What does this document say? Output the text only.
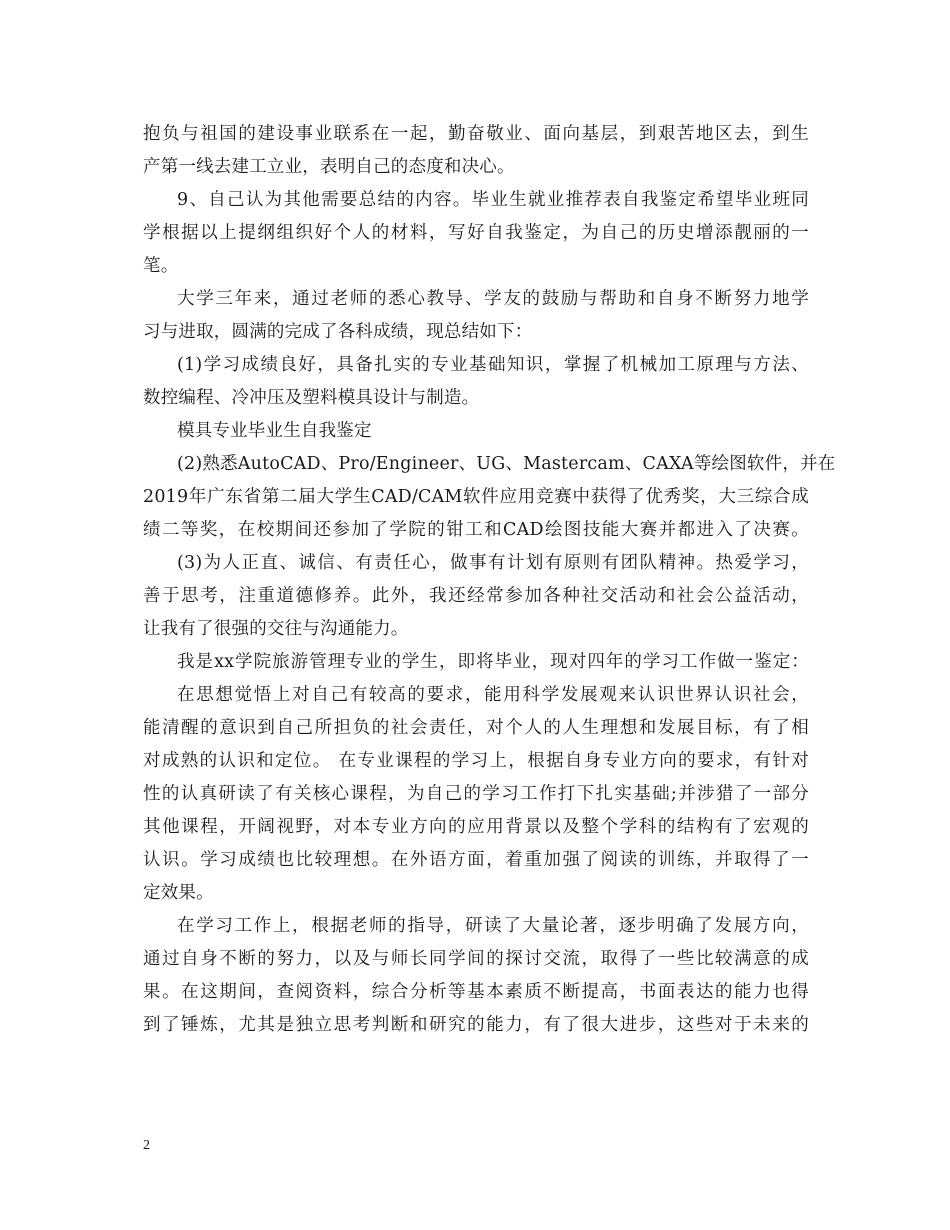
抱负与祖国的建设事业联系在一起，勤奋敬业、面向基层，到艰苦地区去，到生
产第一线去建工立业，表明自己的态度和决心。
9、自己认为其他需要总结的内容。毕业生就业推荐表自我鉴定希望毕业班同
学根据以上提纲组织好个人的材料，写好自我鉴定，为自己的历史增添靓丽的一
笔。
大学三年来，通过老师的悉心教导、学友的鼓励与帮助和自身不断努力地学
习与进取，圆满的完成了各科成绩，现总结如下：
(1)学习成绩良好，具备扎实的专业基础知识，掌握了机械加工原理与方法、
数控编程、冷冲压及塑料模具设计与制造。
模具专业毕业生自我鉴定
(2)熟悉AutoCAD、Pro/Engineer、UG、Mastercam、CAXA等绘图软件，并在
2019年广东省第二届大学生CAD/CAM软件应用竞赛中获得了优秀奖，大三综合成
绩二等奖，在校期间还参加了学院的钳工和CAD绘图技能大赛并都进入了决赛。
(3)为人正直、诚信、有责任心，做事有计划有原则有团队精神。热爱学习，
善于思考，注重道德修养。此外，我还经常参加各种社交活动和社会公益活动，
让我有了很强的交往与沟通能力。
我是xx学院旅游管理专业的学生，即将毕业，现对四年的学习工作做一鉴定：
在思想觉悟上对自己有较高的要求，能用科学发展观来认识世界认识社会，
能清醒的意识到自己所担负的社会责任，对个人的人生理想和发展目标，有了相
对成熟的认识和定位。 在专业课程的学习上，根据自身专业方向的要求，有针对
性的认真研读了有关核心课程，为自己的学习工作打下扎实基础;并涉猎了一部分
其他课程，开阔视野，对本专业方向的应用背景以及整个学科的结构有了宏观的
认识。学习成绩也比较理想。在外语方面，着重加强了阅读的训练，并取得了一
定效果。
在学习工作上，根据老师的指导，研读了大量论著，逐步明确了发展方向，
通过自身不断的努力，以及与师长同学间的探讨交流，取得了一些比较满意的成
果。在这期间，查阅资料，综合分析等基本素质不断提高，书面表达的能力也得
到了锤炼，尤其是独立思考判断和研究的能力，有了很大进步，这些对于未来的
2
